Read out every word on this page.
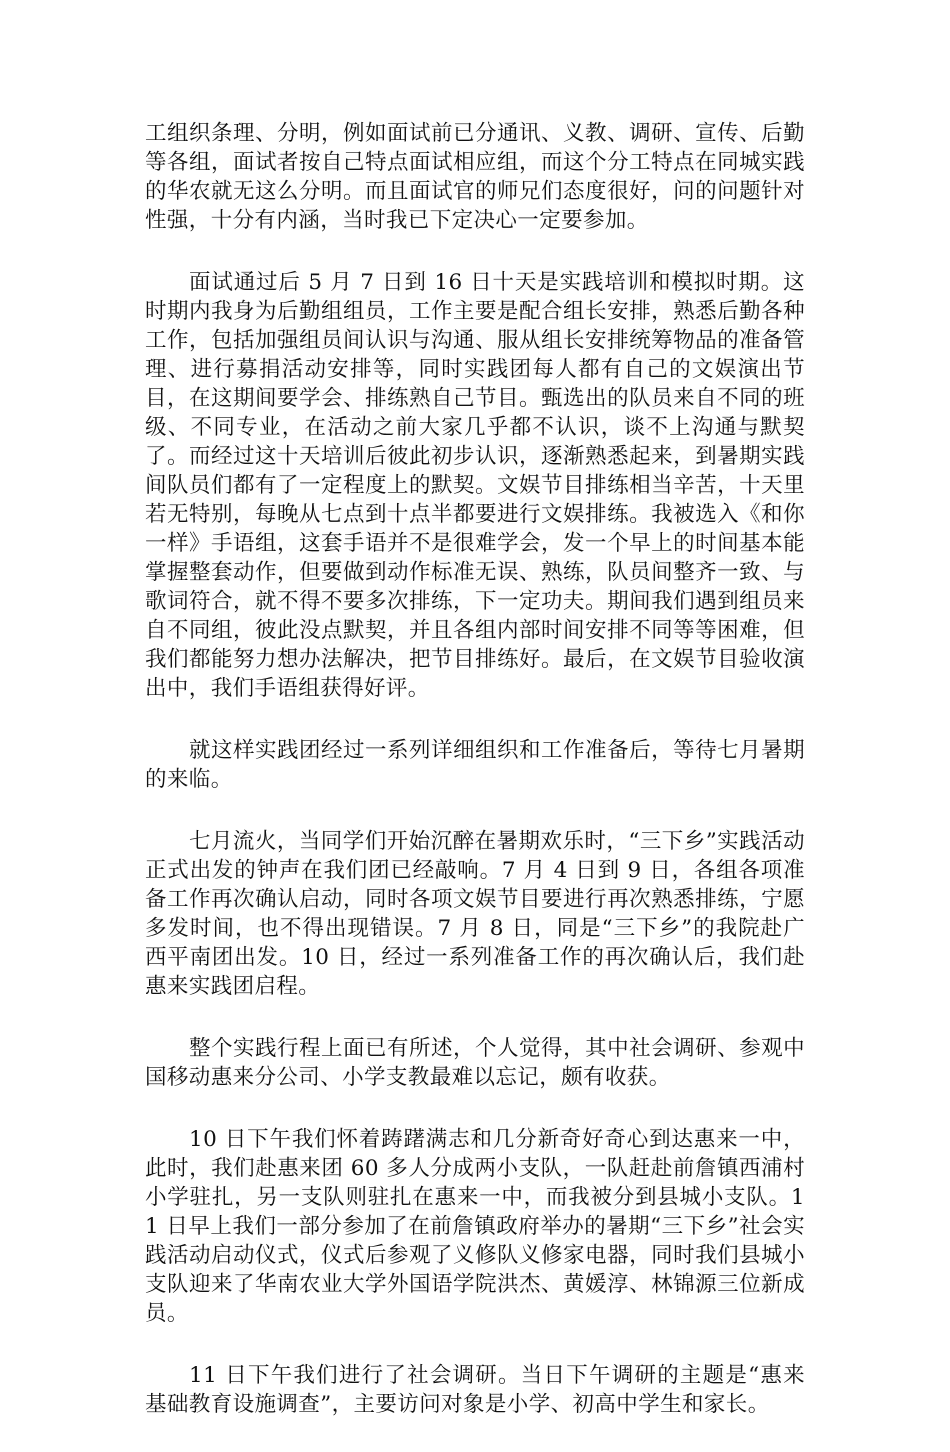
工组织条理、分明，例如面试前已分通讯、义教、调研、宣传、后勤等各组，面试者按自己特点面试相应组，而这个分工特点在同城实践的华农就无这么分明。而且面试官的师兄们态度很好，问的问题针对性强，十分有内涵，当时我已下定决心一定要参加。

面试通过后 5 月 7 日到 16 日十天是实践培训和模拟时期。这时期内我身为后勤组组员，工作主要是配合组长安排，熟悉后勤各种工作，包括加强组员间认识与沟通、服从组长安排统筹物品的准备管理、进行募捐活动安排等，同时实践团每人都有自己的文娱演出节目，在这期间要学会、排练熟自己节目。甄选出的队员来自不同的班级、不同专业，在活动之前大家几乎都不认识，谈不上沟通与默契了。而经过这十天培训后彼此初步认识，逐渐熟悉起来，到暑期实践间队员们都有了一定程度上的默契。文娱节目排练相当辛苦，十天里若无特别，每晚从七点到十点半都要进行文娱排练。我被选入《和你一样》手语组，这套手语并不是很难学会，发一个早上的时间基本能掌握整套动作，但要做到动作标准无误、熟练，队员间整齐一致、与歌词符合，就不得不要多次排练，下一定功夫。期间我们遇到组员来自不同组，彼此没点默契，并且各组内部时间安排不同等等困难，但我们都能努力想办法解决，把节目排练好。最后，在文娱节目验收演出中，我们手语组获得好评。

就这样实践团经过一系列详细组织和工作准备后，等待七月暑期的来临。

七月流火，当同学们开始沉醉在暑期欢乐时，“三下乡”实践活动正式出发的钟声在我们团已经敲响。7 月 4 日到 9 日，各组各项准备工作再次确认启动，同时各项文娱节目要进行再次熟悉排练，宁愿多发时间，也不得出现错误。7 月 8 日，同是“三下乡”的我院赴广西平南团出发。10 日，经过一系列准备工作的再次确认后，我们赴惠来实践团启程。

整个实践行程上面已有所述，个人觉得，其中社会调研、参观中国移动惠来分公司、小学支教最难以忘记，颇有收获。

10 日下午我们怀着踌躇满志和几分新奇好奇心到达惠来一中，此时，我们赴惠来团 60 多人分成两小支队，一队赶赴前詹镇西浦村小学驻扎，另一支队则驻扎在惠来一中，而我被分到县城小支队。11 日早上我们一部分参加了在前詹镇政府举办的暑期“三下乡”社会实践活动启动仪式，仪式后参观了义修队义修家电器，同时我们县城小支队迎来了华南农业大学外国语学院洪杰、黄媛淳、林锦源三位新成员。

11 日下午我们进行了社会调研。当日下午调研的主题是“惠来基础教育设施调查”，主要访问对象是小学、初高中学生和家长。
